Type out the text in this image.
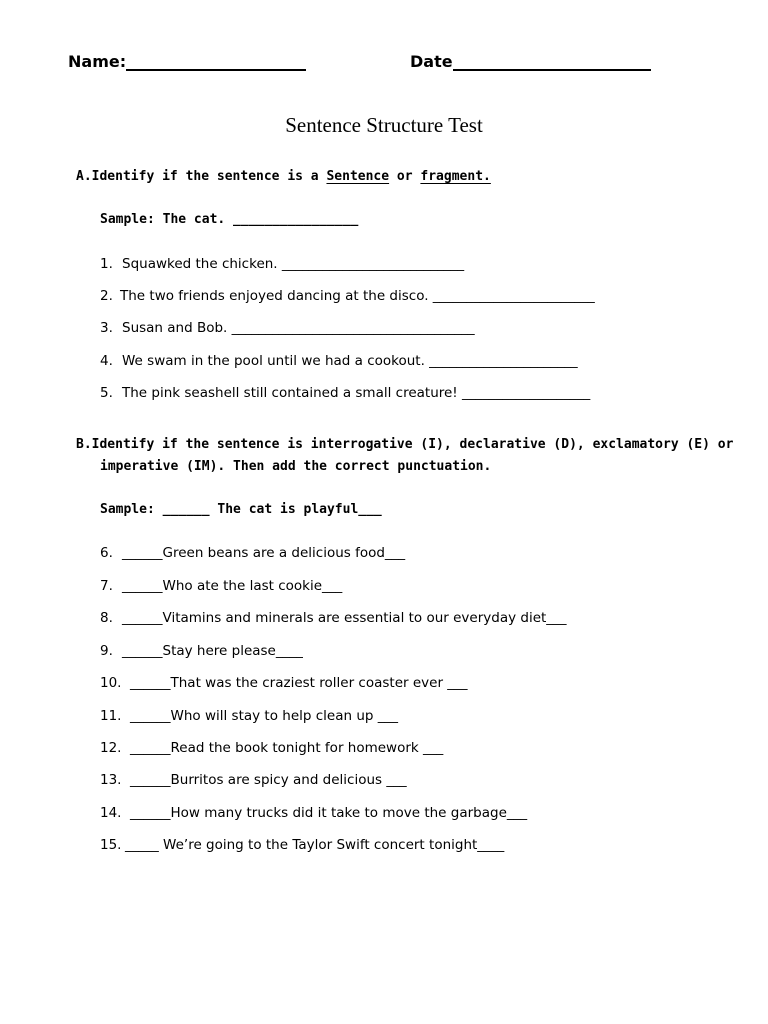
Name:	Date
Sentence Structure Test
A.Identify if the sentence is a Sentence or fragment.
Sample: The cat. ________________
1. Squawked the chicken. ___________________________
2. The two friends enjoyed dancing at the disco. ________________________
3. Susan and Bob. ____________________________________
4. We swam in the pool until we had a cookout. ______________________
5. The pink seashell still contained a small creature! ___________________
B.Identify if the sentence is interrogative (I), declarative (D), exclamatory (E) or
imperative (IM). Then add the correct punctuation.
Sample: ______ The cat is playful___
6. ______Green beans are a delicious food___
7. ______Who ate the last cookie___
8. ______Vitamins and minerals are essential to our everyday diet___
9. ______Stay here please____
10. ______That was the craziest roller coaster ever ___
11. ______Who will stay to help clean up ___
12. ______Read the book tonight for homework ___
13. ______Burritos are spicy and delicious ___
14. ______How many trucks did it take to move the garbage___
15. _____ We’re going to the Taylor Swift concert tonight____
